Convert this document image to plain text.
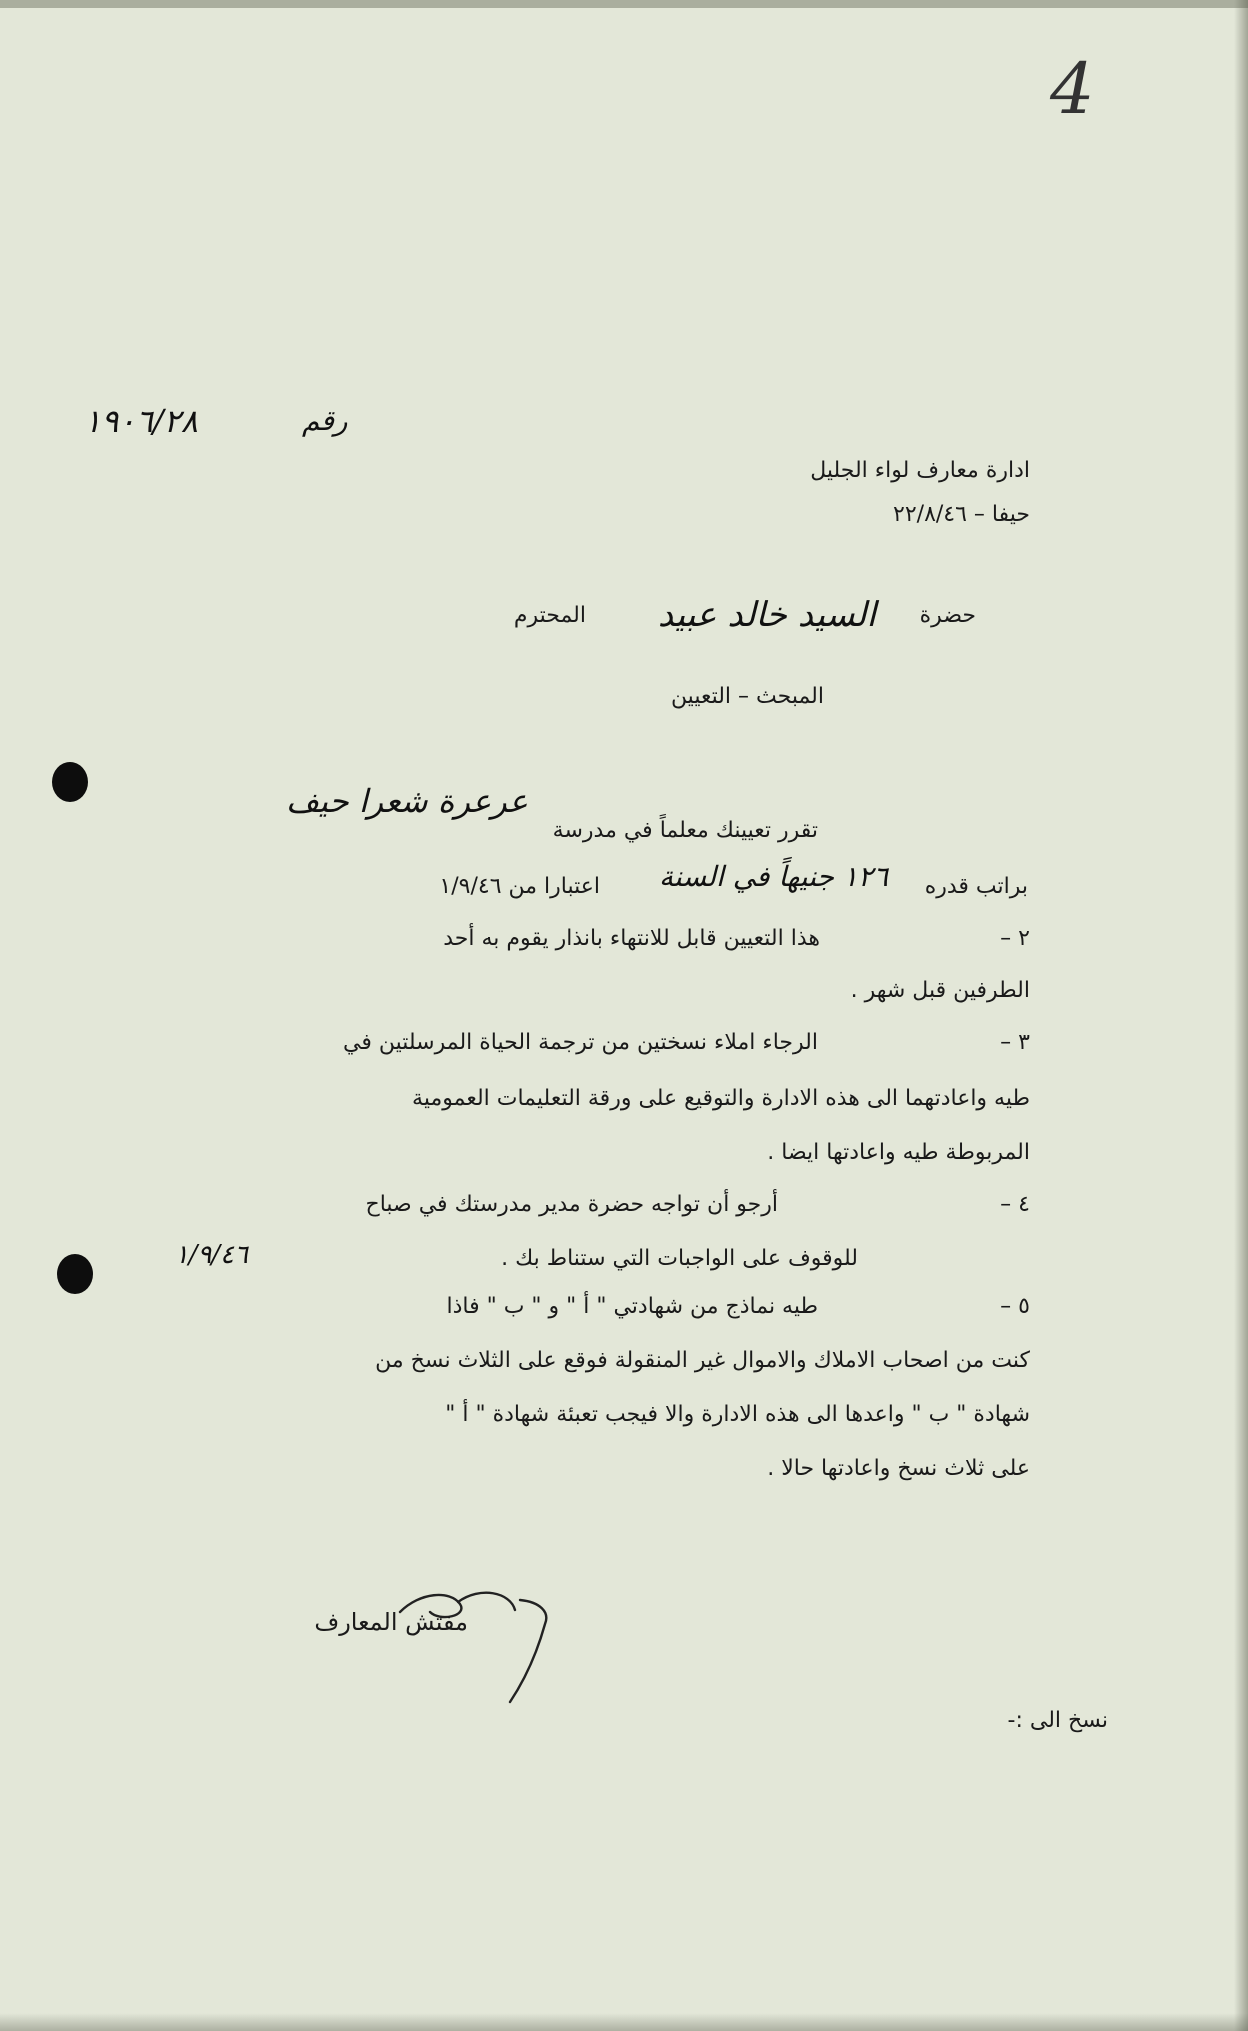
4
١٩٠٦/٢٨	رقم
ادارة معارف لواء الجليل
حيفا – ٢٢/٨/٤٦
حضرة
السيد خالد عبيد
المحترم
المبحث – التعيين
تقرر تعيينك معلماً في مدرسة
عرعرة شعرا حيف
براتب قدره
١٢٦ جنيهاً في السنة
اعتبارا من ١/٩/٤٦
٢ –
هذا التعيين قابل للانتهاء بانذار يقوم به أحد
الطرفين قبل شهر .
٣ –
الرجاء املاء نسختين من ترجمة الحياة المرسلتين في
طيه واعادتهما الى هذه الادارة والتوقيع على ورقة التعليمات العمومية
المربوطة طيه واعادتها ايضا .
٤ –
أرجو أن تواجه حضرة مدير مدرستك في صباح
١/٩/٤٦	للوقوف على الواجبات التي ستناط بك .
٥ –
طيه نماذج من شهادتي " أ " و " ب " فاذا
كنت من اصحاب الاملاك والاموال غير المنقولة فوقع على الثلاث نسخ من
شهادة " ب " واعدها الى هذه الادارة والا فيجب تعبئة شهادة " أ "
على ثلاث نسخ واعادتها حالا .
مفتش المعارف
نسخ الى :-
